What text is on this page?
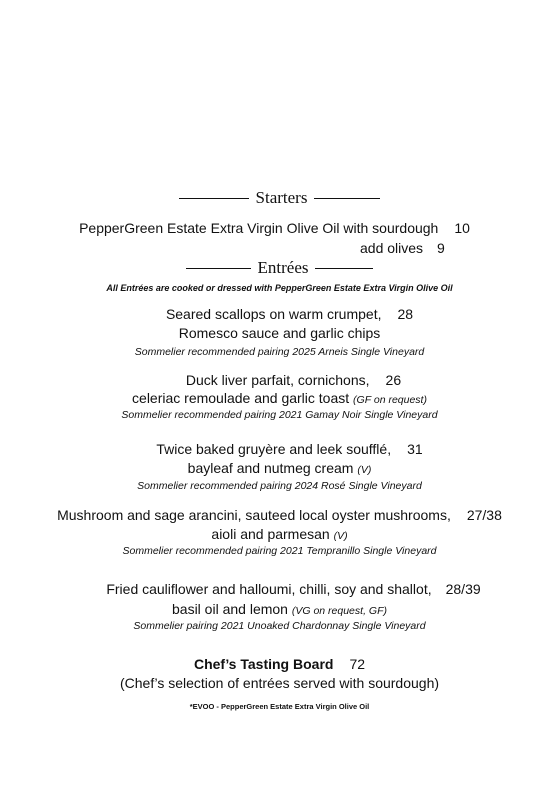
Starters
PepperGreen Estate Extra Virgin Olive Oil with sourdough 10
add olives 9
Entrées
All Entrées are cooked or dressed with PepperGreen Estate Extra Virgin Olive Oil
Seared scallops on warm crumpet, 28
Romesco sauce and garlic chips
Sommelier recommended pairing 2025 Arneis Single Vineyard
Duck liver parfait, cornichons, 26
celeriac remoulade and garlic toast (GF on request)
Sommelier recommended pairing 2021 Gamay Noir Single Vineyard
Twice baked gruyère and leek soufflé, 31
bayleaf and nutmeg cream (V)
Sommelier recommended pairing 2024 Rosé Single Vineyard
Mushroom and sage arancini, sauteed local oyster mushrooms, 27/38
aioli and parmesan (V)
Sommelier recommended pairing 2021 Tempranillo Single Vineyard
Fried cauliflower and halloumi, chilli, soy and shallot, 28/39
basil oil and lemon (VG on request, GF)
Sommelier pairing 2021 Unoaked Chardonnay Single Vineyard
Chef’s Tasting Board 72
(Chef’s selection of entrées served with sourdough)
*EVOO - PepperGreen Estate Extra Virgin Olive Oil
